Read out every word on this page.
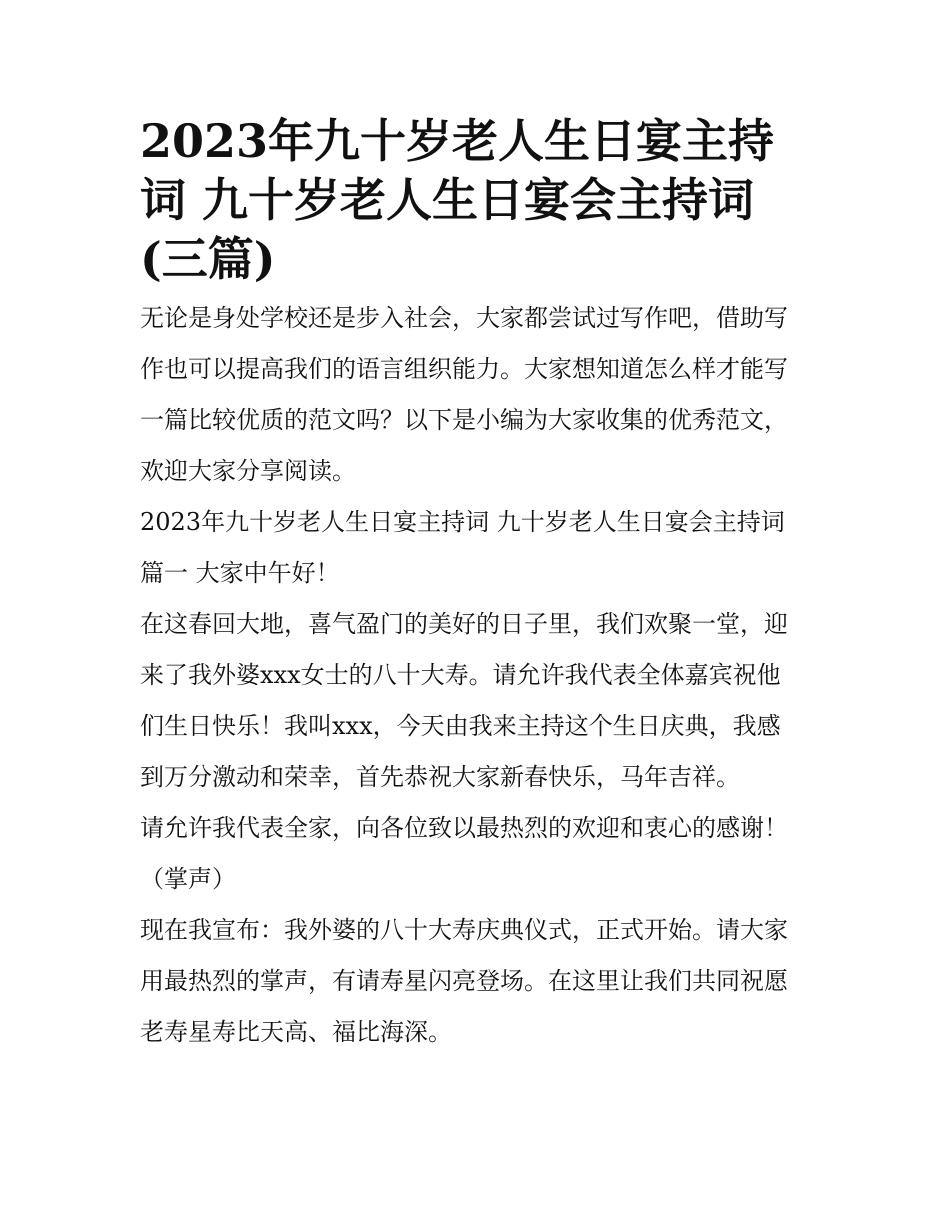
2023年九十岁老人生日宴主持
词 九十岁老人生日宴会主持词
(三篇)

无论是身处学校还是步入社会，大家都尝试过写作吧，借助写
作也可以提高我们的语言组织能力。大家想知道怎么样才能写
一篇比较优质的范文吗？以下是小编为大家收集的优秀范文，
欢迎大家分享阅读。

2023年九十岁老人生日宴主持词 九十岁老人生日宴会主持词
篇一 大家中午好！

在这春回大地，喜气盈门的美好的日子里，我们欢聚一堂，迎
来了我外婆xxx女士的八十大寿。请允许我代表全体嘉宾祝他
们生日快乐！我叫xxx，今天由我来主持这个生日庆典，我感
到万分激动和荣幸，首先恭祝大家新春快乐，马年吉祥。

请允许我代表全家，向各位致以最热烈的欢迎和衷心的感谢！
（掌声）

现在我宣布：我外婆的八十大寿庆典仪式，正式开始。请大家
用最热烈的掌声，有请寿星闪亮登场。在这里让我们共同祝愿
老寿星寿比天高、福比海深。
